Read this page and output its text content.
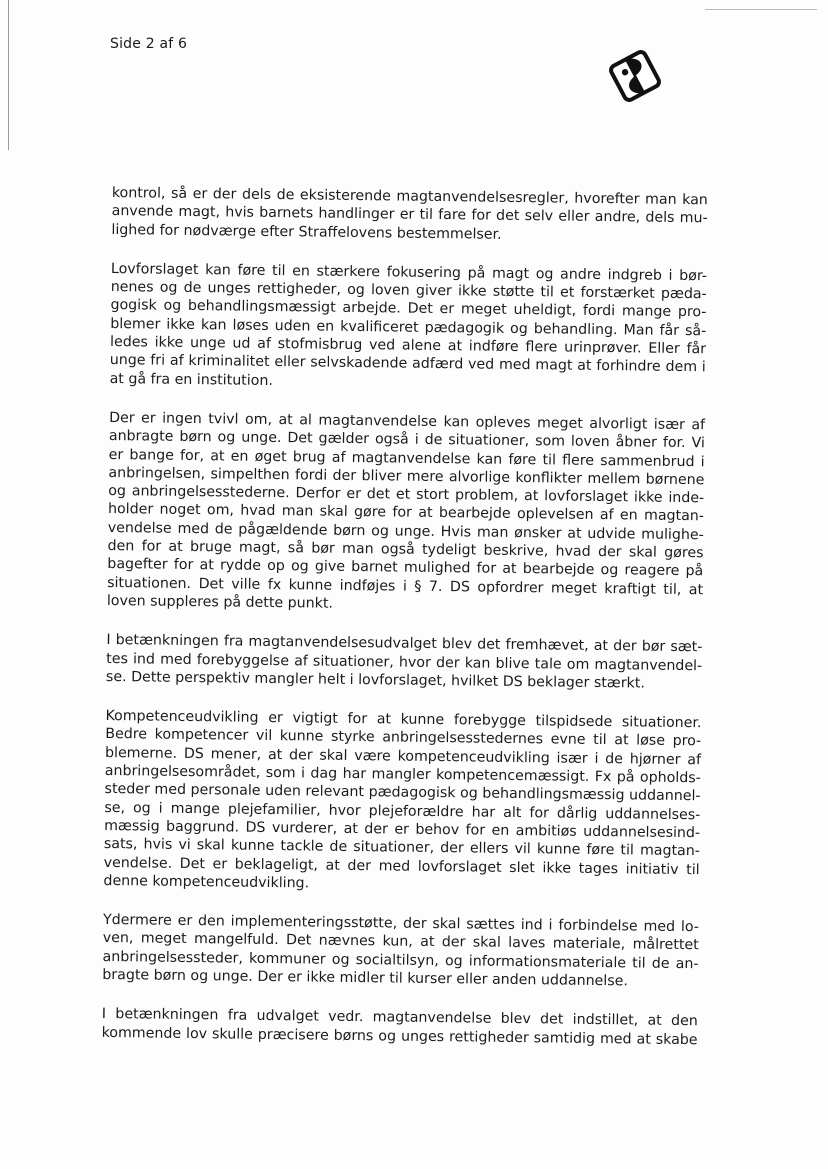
Side 2 af 6

kontrol, så er der dels de eksisterende magtanvendelsesregler, hvorefter man kan
anvende magt, hvis barnets handlinger er til fare for det selv eller andre, dels mu-
lighed for nødværge efter Straffelovens bestemmelser.

Lovforslaget kan føre til en stærkere fokusering på magt og andre indgreb i bør-
nenes og de unges rettigheder, og loven giver ikke støtte til et forstærket pæda-
gogisk og behandlingsmæssigt arbejde. Det er meget uheldigt, fordi mange pro-
blemer ikke kan løses uden en kvalificeret pædagogik og behandling. Man får så-
ledes ikke unge ud af stofmisbrug ved alene at indføre flere urinprøver. Eller får
unge fri af kriminalitet eller selvskadende adfærd ved med magt at forhindre dem i
at gå fra en institution.

Der er ingen tvivl om, at al magtanvendelse kan opleves meget alvorligt især af
anbragte børn og unge. Det gælder også i de situationer, som loven åbner for. Vi
er bange for, at en øget brug af magtanvendelse kan føre til flere sammenbrud i
anbringelsen, simpelthen fordi der bliver mere alvorlige konflikter mellem børnene
og anbringelsesstederne. Derfor er det et stort problem, at lovforslaget ikke inde-
holder noget om, hvad man skal gøre for at bearbejde oplevelsen af en magtan-
vendelse med de pågældende børn og unge. Hvis man ønsker at udvide mulighe-
den for at bruge magt, så bør man også tydeligt beskrive, hvad der skal gøres
bagefter for at rydde op og give barnet mulighed for at bearbejde og reagere på
situationen. Det ville fx kunne indføjes i § 7. DS opfordrer meget kraftigt til, at
loven suppleres på dette punkt.

I betænkningen fra magtanvendelsesudvalget blev det fremhævet, at der bør sæt-
tes ind med forebyggelse af situationer, hvor der kan blive tale om magtanvendel-
se. Dette perspektiv mangler helt i lovforslaget, hvilket DS beklager stærkt.

Kompetenceudvikling er vigtigt for at kunne forebygge tilspidsede situationer.
Bedre kompetencer vil kunne styrke anbringelsesstedernes evne til at løse pro-
blemerne. DS mener, at der skal være kompetenceudvikling især i de hjørner af
anbringelsesområdet, som i dag har mangler kompetencemæssigt. Fx på opholds-
steder med personale uden relevant pædagogisk og behandlingsmæssig uddannel-
se, og i mange plejefamilier, hvor plejeforældre har alt for dårlig uddannelses-
mæssig baggrund. DS vurderer, at der er behov for en ambitiøs uddannelsesind-
sats, hvis vi skal kunne tackle de situationer, der ellers vil kunne føre til magtan-
vendelse. Det er beklageligt, at der med lovforslaget slet ikke tages initiativ til
denne kompetenceudvikling.

Ydermere er den implementeringsstøtte, der skal sættes ind i forbindelse med lo-
ven, meget mangelfuld. Det nævnes kun, at der skal laves materiale, målrettet
anbringelsessteder, kommuner og socialtilsyn, og informationsmateriale til de an-
bragte børn og unge. Der er ikke midler til kurser eller anden uddannelse.

I betænkningen fra udvalget vedr. magtanvendelse blev det indstillet, at den
kommende lov skulle præcisere børns og unges rettigheder samtidig med at skabe
